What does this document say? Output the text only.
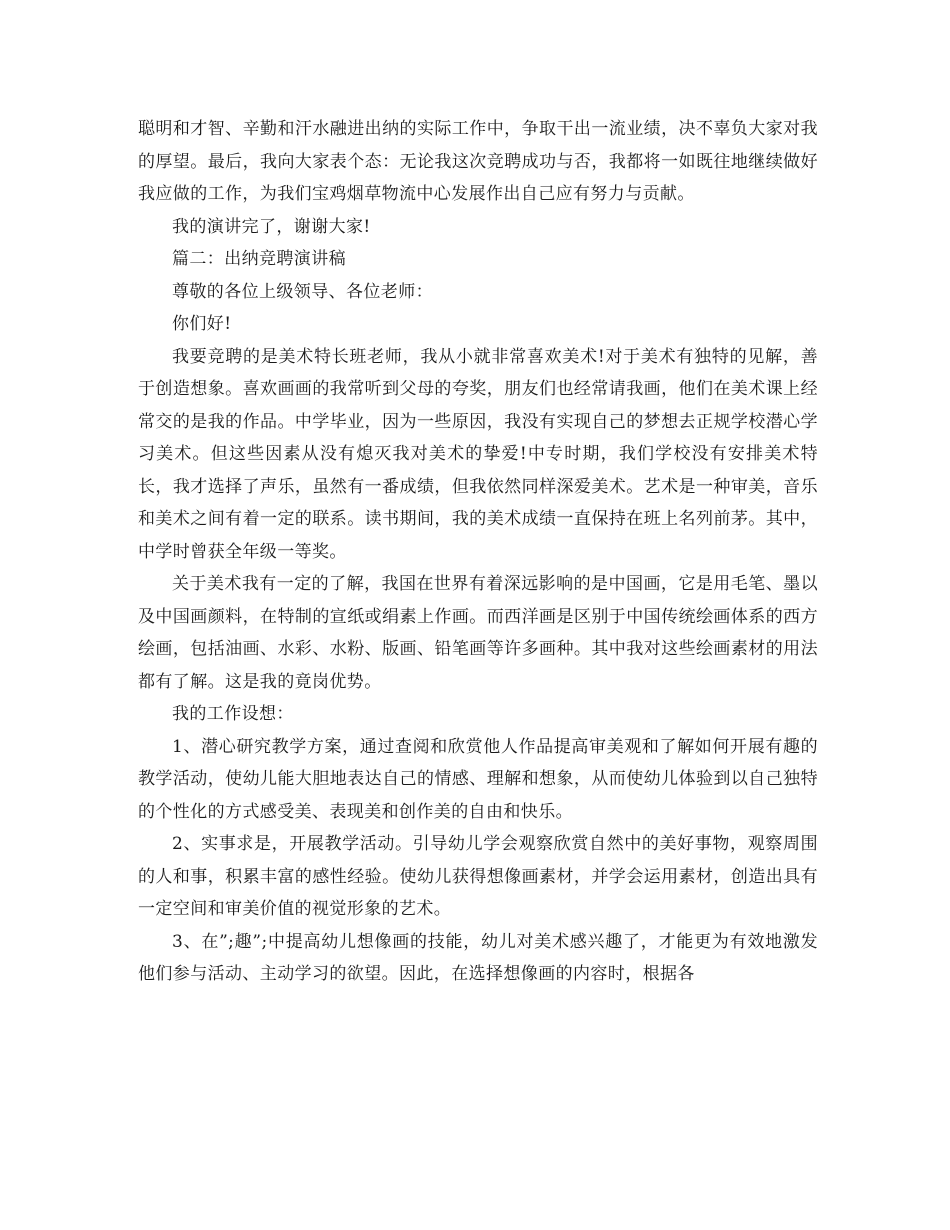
聪明和才智、辛勤和汗水融进出纳的实际工作中，争取干出一流业绩，决不辜负大家对我的厚望。最后，我向大家表个态：无论我这次竞聘成功与否，我都将一如既往地继续做好我应做的工作，为我们宝鸡烟草物流中心发展作出自己应有努力与贡献。

我的演讲完了，谢谢大家!

篇二：出纳竞聘演讲稿

尊敬的各位上级领导、各位老师：

你们好!

我要竞聘的是美术特长班老师，我从小就非常喜欢美术!对于美术有独特的见解，善于创造想象。喜欢画画的我常听到父母的夸奖，朋友们也经常请我画，他们在美术课上经常交的是我的作品。中学毕业，因为一些原因，我没有实现自己的梦想去正规学校潜心学习美术。但这些因素从没有熄灭我对美术的挚爱!中专时期，我们学校没有安排美术特长，我才选择了声乐，虽然有一番成绩，但我依然同样深爱美术。艺术是一种审美，音乐和美术之间有着一定的联系。读书期间，我的美术成绩一直保持在班上名列前茅。其中，中学时曾获全年级一等奖。

关于美术我有一定的了解，我国在世界有着深远影响的是中国画，它是用毛笔、墨以及中国画颜料，在特制的宣纸或绢素上作画。而西洋画是区别于中国传统绘画体系的西方绘画，包括油画、水彩、水粉、版画、铅笔画等许多画种。其中我对这些绘画素材的用法都有了解。这是我的竟岗优势。

我的工作设想：

1、潜心研究教学方案，通过查阅和欣赏他人作品提高审美观和了解如何开展有趣的教学活动，使幼儿能大胆地表达自己的情感、理解和想象，从而使幼儿体验到以自己独特的个性化的方式感受美、表现美和创作美的自由和快乐。

2、实事求是，开展教学活动。引导幼儿学会观察欣赏自然中的美好事物，观察周围的人和事，积累丰富的感性经验。使幼儿获得想像画素材，并学会运用素材，创造出具有一定空间和审美价值的视觉形象的艺术。

3、在”;趣”;中提高幼儿想像画的技能，幼儿对美术感兴趣了，才能更为有效地激发他们参与活动、主动学习的欲望。因此，在选择想像画的内容时，根据各
